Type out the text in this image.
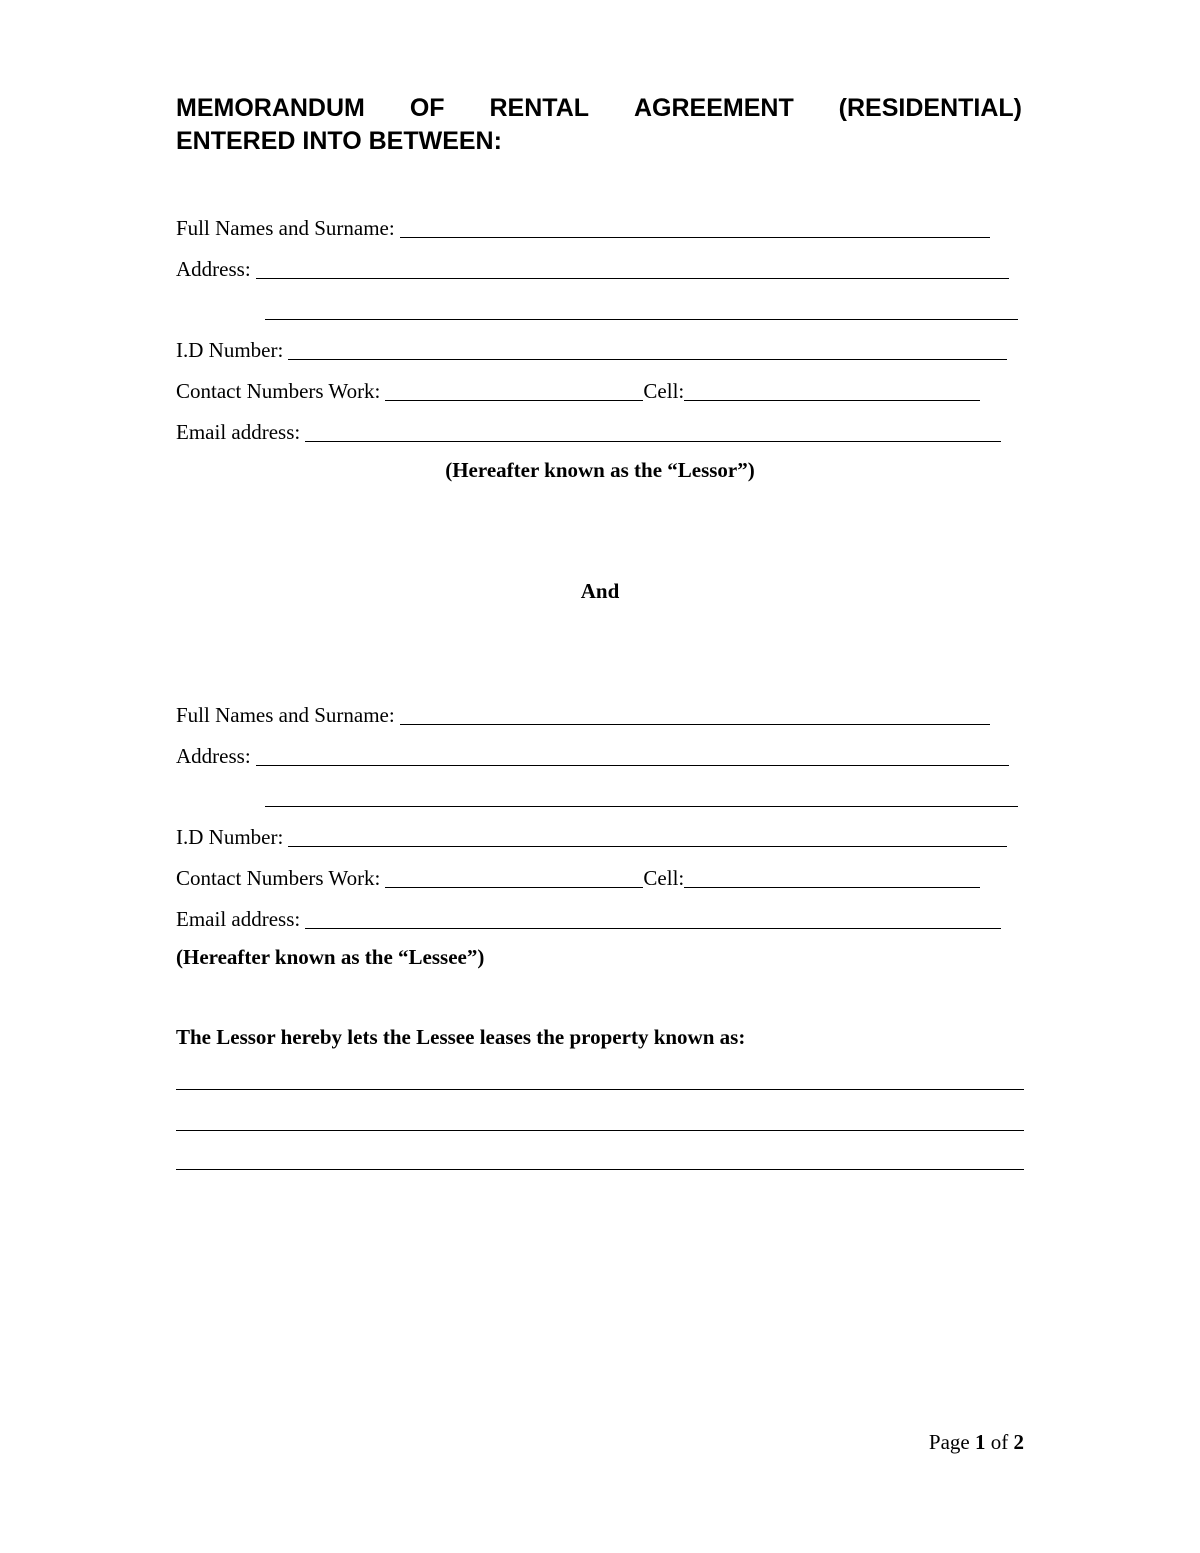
MEMORANDUM OF RENTAL AGREEMENT (RESIDENTIAL)
ENTERED INTO BETWEEN:
Full Names and Surname:
Address:
I.D Number:
Contact Numbers Work:	Cell:
Email address:

(Hereafter known as the “Lessor”)

And

Full Names and Surname:
Address:
I.D Number:
Contact Numbers Work:	Cell:
Email address:

(Hereafter known as the “Lessee”)

The Lessor hereby lets the Lessee leases the property known as:

Page 1 of 2
